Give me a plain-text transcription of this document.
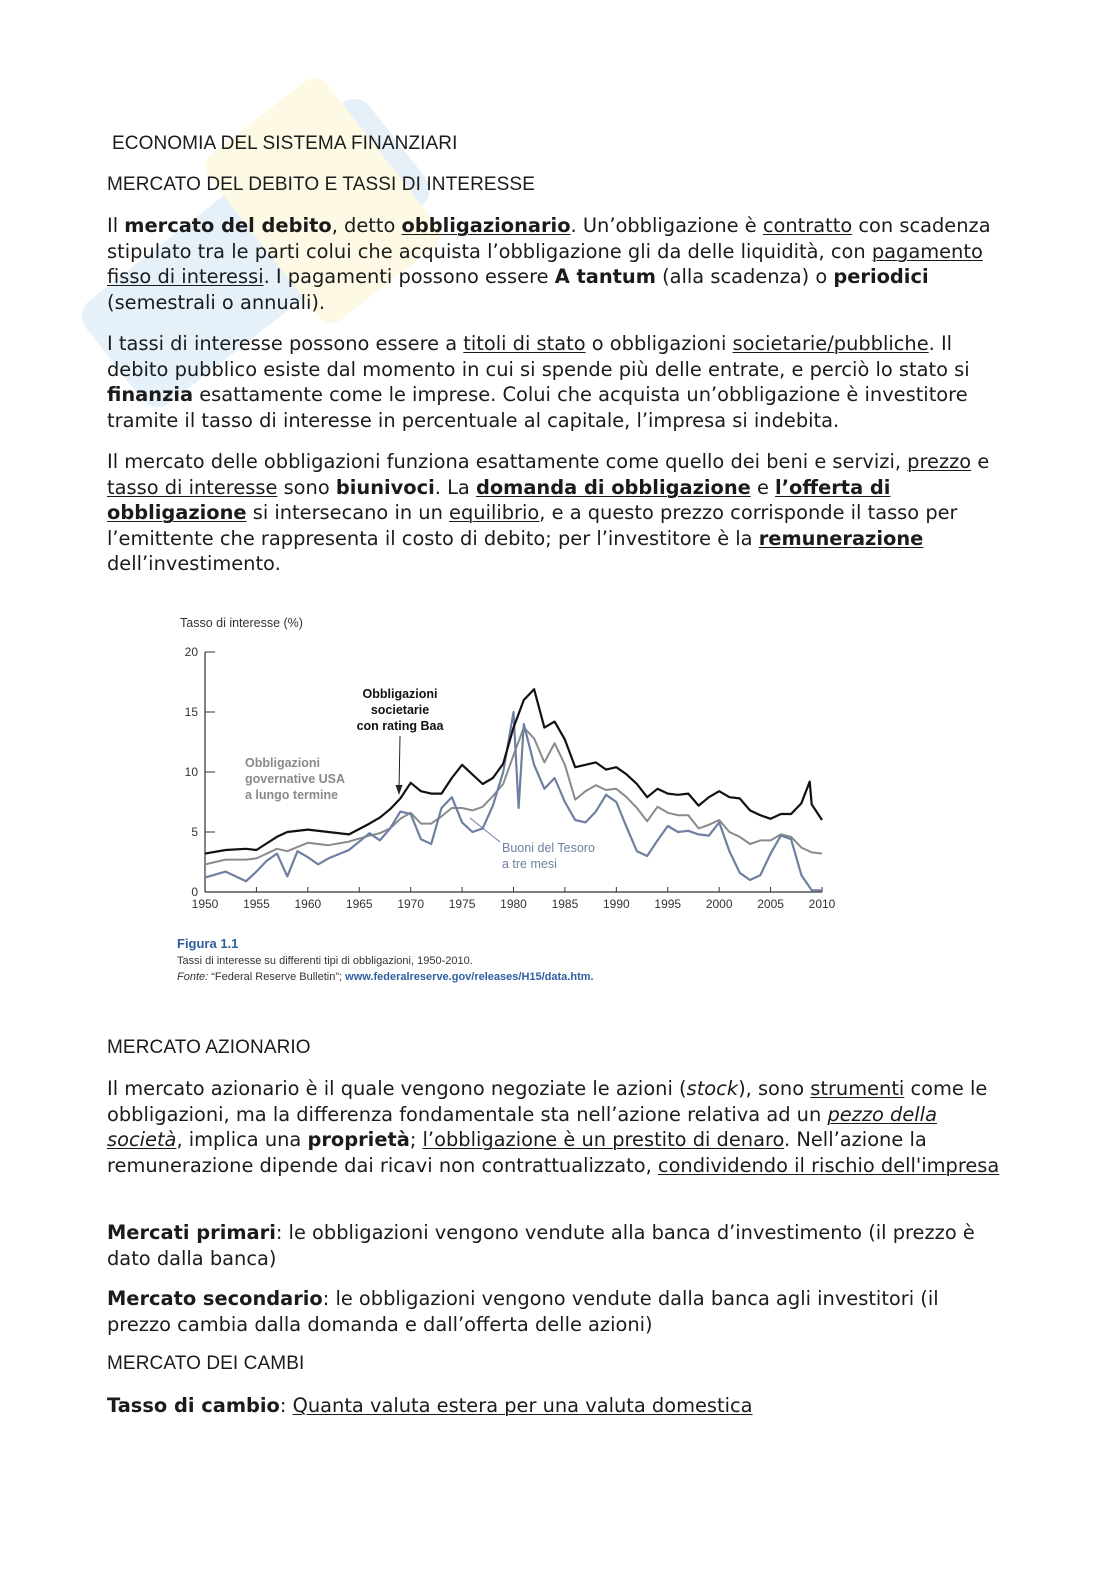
ECONOMIA DEL SISTEMA FINANZIARI
MERCATO DEL DEBITO E TASSI DI INTERESSE

Il mercato del debito, detto obbligazionario. Un’obbligazione è contratto con scadenza stipulato tra le parti colui che acquista l’obbligazione gli da delle liquidità, con pagamento fisso di interessi. I pagamenti possono essere A tantum (alla scadenza) o periodici (semestrali o annuali).

I tassi di interesse possono essere a titoli di stato o obbligazioni societarie/pubbliche. Il debito pubblico esiste dal momento in cui si spende più delle entrate, e perciò lo stato si finanzia esattamente come le imprese. Colui che acquista un’obbligazione è investitore tramite il tasso di interesse in percentuale al capitale, l’impresa si indebita.

Il mercato delle obbligazioni funziona esattamente come quello dei beni e servizi, prezzo e tasso di interesse sono biunivoci. La domanda di obbligazione e l’offerta di obbligazione si intersecano in un equilibrio, e a questo prezzo corrisponde il tasso per l’emittente che rappresenta il costo di debito; per l’investitore è la remunerazione dell’investimento.

MERCATO AZIONARIO

Il mercato azionario è il quale vengono negoziate le azioni (stock), sono strumenti come le obbligazioni, ma la differenza fondamentale sta nell’azione relativa ad un pezzo della società, implica una proprietà; l’obbligazione è un prestito di denaro. Nell’azione la remunerazione dipende dai ricavi non contrattualizzato, condividendo il rischio dell'impresa

Mercati primari: le obbligazioni vengono vendute alla banca d’investimento (il prezzo è dato dalla banca)

Mercato secondario: le obbligazioni vengono vendute dalla banca agli investitori (il prezzo cambia dalla domanda e dall’offerta delle azioni)

MERCATO DEI CAMBI

Tasso di cambio: Quanta valuta estera per una valuta domestica

Tasso di interesse (%)
0
5
10
15
20
1950 1955 1960 1965 1970 1975 1980 1985 1990 1995 2000 2005 2010
Obbligazioni societarie con rating Baa
Obbligazioni governative USA a lungo termine
Buoni del Tesoro a tre mesi
Figura 1.1
Tassi di interesse su differenti tipi di obbligazioni, 1950-2010.
Fonte: “Federal Reserve Bulletin”; www.federalreserve.gov/releases/H15/data.htm.
